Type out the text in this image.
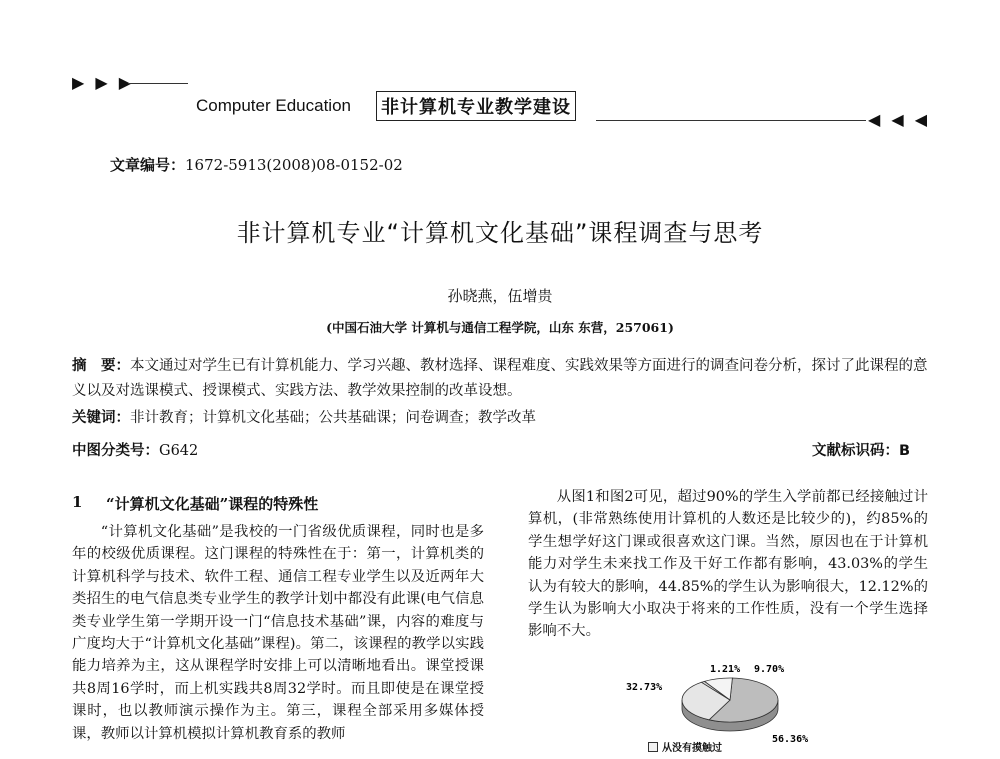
▶ ▶ ▶
Computer Education 非计算机专业教学建设
◀ ◀ ◀
文章编号：1672-5913(2008)08-0152-02
非计算机专业“计算机文化基础”课程调查与思考
孙晓燕，伍增贵
(中国石油大学 计算机与通信工程学院，山东 东营，257061)
摘　要：本文通过对学生已有计算机能力、学习兴趣、教材选择、课程难度、实践效果等方面进行的调查问卷分析，探讨了此课程的意义以及对选课模式、授课模式、实践方法、教学效果控制的改革设想。
关键词：非计教育；计算机文化基础；公共基础课；问卷调查；教学改革
中图分类号：G642	文献标识码：B
1 “计算机文化基础”课程的特殊性

“计算机文化基础”是我校的一门省级优质课程，同时也是多年的校级优质课程。这门课程的特殊性在于：第一，计算机类的计算机科学与技术、软件工程、通信工程专业学生以及近两年大类招生的电气信息类专业学生的教学计划中都没有此课(电气信息类专业学生第一学期开设一门“信息技术基础”课，内容的难度与广度均大于“计算机文化基础”课程)。第二，该课程的教学以实践能力培养为主，这从课程学时安排上可以清晰地看出。课堂授课共8周16学时，而上机实践共8周32学时。而且即使是在课堂授课时，也以教师演示操作为主。第三，课程全部采用多媒体授课，教师以计算机模拟计算机教育系的教师

从图1和图2可见，超过90%的学生入学前都已经接触过计算机，(非常熟练使用计算机的人数还是比较少的)，约85%的学生想学好这门课或很喜欢这门课。当然，原因也在于计算机能力对学生未来找工作及干好工作都有影响，43.03%的学生认为有较大的影响，44.85%的学生认为影响很大，12.12%的学生认为影响大小取决于将来的工作性质，没有一个学生选择影响不大。

56.36%
32.73%
1.21% 9.70%
从没有摸触过
